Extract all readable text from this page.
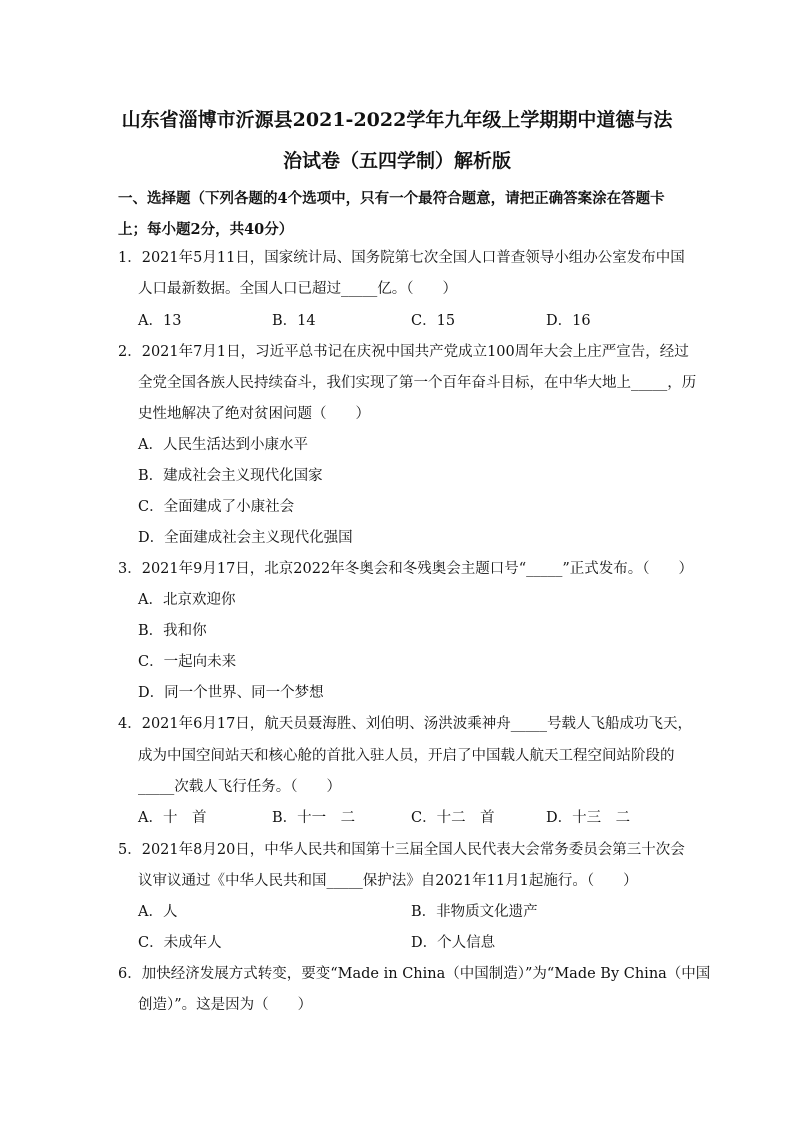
山东省淄博市沂源县2021-2022学年九年级上学期期中道德与法
治试卷（五四学制）解析版
一、选择题（下列各题的4个选项中，只有一个最符合题意，请把正确答案涂在答题卡上；每小题2分，共40分）
1．2021年5月11日，国家统计局、国务院第七次全国人口普查领导小组办公室发布中国
人口最新数据。全国人口已超过_____亿。（　　）
A．13	B．14	C．15	D．16
2．2021年7月1日，习近平总书记在庆祝中国共产党成立100周年大会上庄严宣告，经过
全党全国各族人民持续奋斗，我们实现了第一个百年奋斗目标，在中华大地上_____，历
史性地解决了绝对贫困问题（　　）
A．人民生活达到小康水平
B．建成社会主义现代化国家
C．全面建成了小康社会
D．全面建成社会主义现代化强国
3．2021年9月17日，北京2022年冬奥会和冬残奥会主题口号“_____”正式发布。（　　）
A．北京欢迎你
B．我和你
C．一起向未来
D．同一个世界、同一个梦想
4．2021年6月17日，航天员聂海胜、刘伯明、汤洪波乘神舟_____号载人飞船成功飞天，
成为中国空间站天和核心舱的首批入驻人员，开启了中国载人航天工程空间站阶段的
_____次载人飞行任务。（　　）
A．十　首	B．十一　二	C．十二　首	D．十三　二
5．2021年8月20日，中华人民共和国第十三届全国人民代表大会常务委员会第三十次会
议审议通过《中华人民共和国_____保护法》自2021年11月1起施行。（　　）
A．人	B．非物质文化遗产
C．未成年人	D．个人信息
6．加快经济发展方式转变，要变“Made in China（中国制造）”为“Made By China（中国
创造）”。这是因为（　　）
